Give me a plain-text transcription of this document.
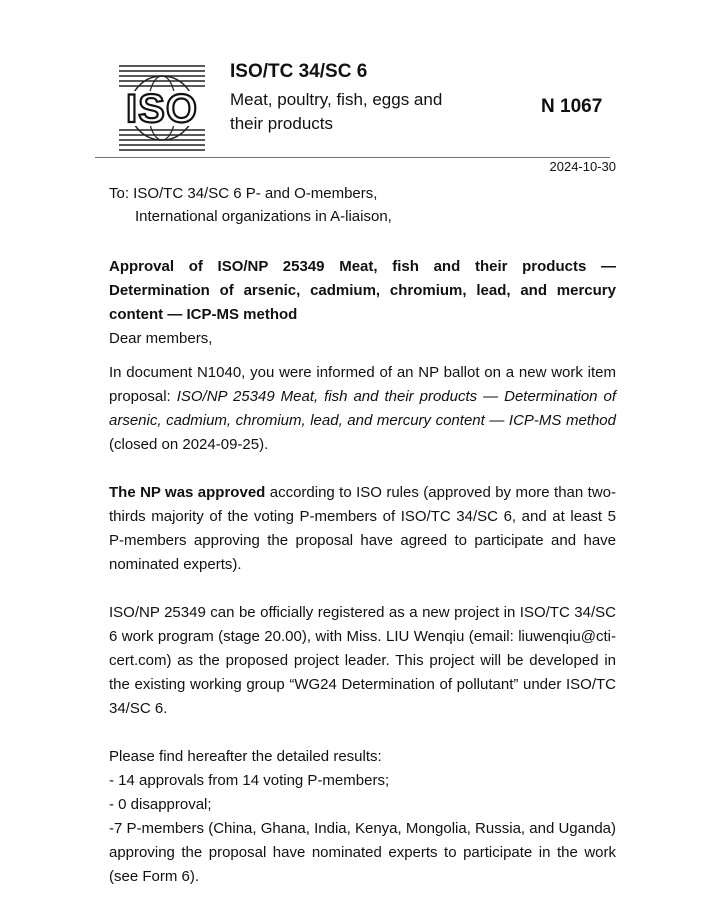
ISO

ISO/TC 34/SC 6

Meat, poultry, fish, eggs and

their products

N 1067
2024-10-30
To: ISO/TC 34/SC 6 P- and O-members,
International organizations in A-liaison,

Approval of ISO/NP 25349 Meat, fish and their products — Determination of arsenic, cadmium, chromium, lead, and mercury content — ICP-MS method

Dear members,

In document N1040, you were informed of an NP ballot on a new work item proposal: ISO/NP 25349 Meat, fish and their products — Determination of arsenic, cadmium, chromium, lead, and mercury content — ICP-MS method (closed on 2024-09-25).

The NP was approved according to ISO rules (approved by more than two-thirds majority of the voting P-members of ISO/TC 34/SC 6, and at least 5 P-members approving the proposal have agreed to participate and have nominated experts).

ISO/NP 25349 can be officially registered as a new project in ISO/TC 34/SC 6 work program (stage 20.00), with Miss. LIU Wenqiu (email: liuwenqiu@cti-cert.com) as the proposed project leader. This project will be developed in the existing working group “WG24 Determination of pollutant” under ISO/TC 34/SC 6.

Please find hereafter the detailed results:

- 14 approvals from 14 voting P-members;

- 0 disapproval;

-7 P-members (China, Ghana, India, Kenya, Mongolia, Russia, and Uganda) approving the proposal have nominated experts to participate in the work (see Form 6).
